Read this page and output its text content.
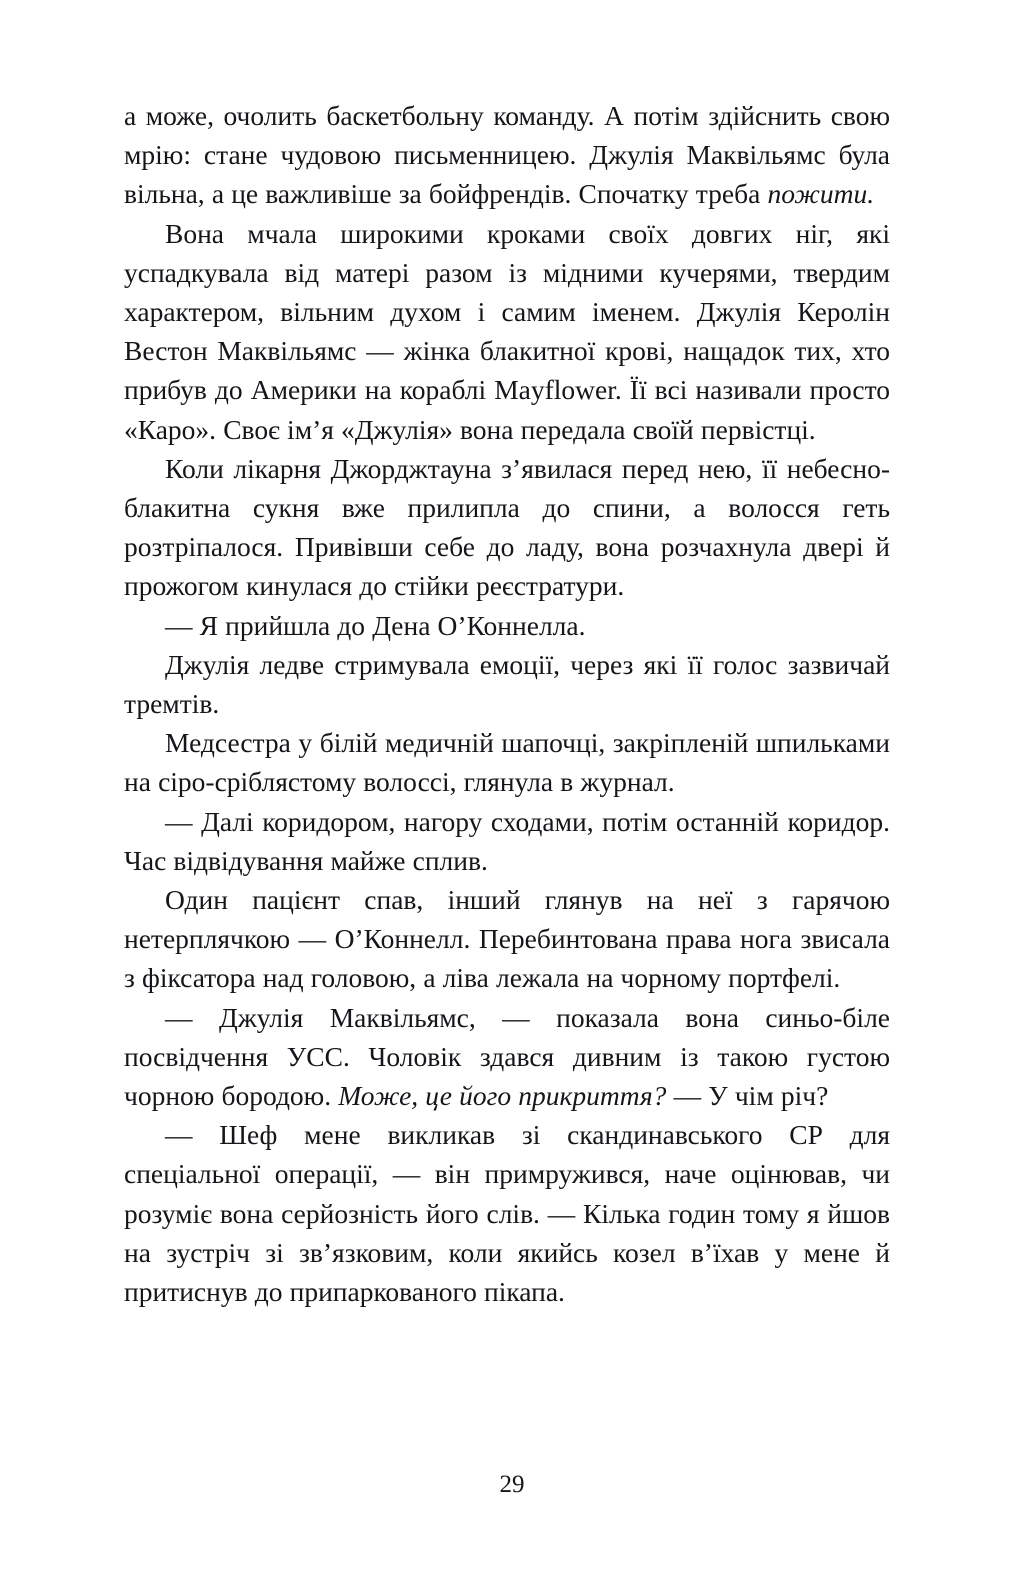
а може, очолить баскетбольну команду. А потім здійснить свою мрію: стане чудовою письменницею. Джулія Маквільямс була вільна, а це важливіше за бойфрендів. Спочатку треба пожити.

Вона мчала широкими кроками своїх довгих ніг, які успадкувала від матері разом із мідними кучерями, твердим характером, вільним духом і самим іменем. Джулія Керолін Вестон Маквільямс — жінка блакитної крові, нащадок тих, хто прибув до Америки на кораблі Mayflower. Її всі називали просто «Каро». Своє ім’я «Джулія» вона передала своїй первістці.

Коли лікарня Джорджтауна з’явилася перед нею, її небесно-блакитна сукня вже прилипла до спини, а волосся геть розтріпалося. Привівши себе до ладу, вона розчахнула двері й прожогом кинулася до стійки реєстратури.

— Я прийшла до Дена О’Коннелла.

Джулія ледве стримувала емоції, через які її голос зазвичай тремтів.

Медсестра у білій медичній шапочці, закріпленій шпильками на сіро-сріблястому волоссі, глянула в журнал.

— Далі коридором, нагору сходами, потім останній коридор. Час відвідування майже сплив.

Один пацієнт спав, інший глянув на неї з гарячою нетерплячкою — О’Коннелл. Перебинтована права нога звисала з фіксатора над головою, а ліва лежала на чорному портфелі.

— Джулія Маквільямс, — показала вона синьо-біле посвідчення УСС. Чоловік здався дивним із такою густою чорною бородою. Може, це його прикриття? — У чім річ?

— Шеф мене викликав зі скандинавського СР для спеціальної операції, — він примружився, наче оцінював, чи розуміє вона серйозність його слів. — Кілька годин тому я йшов на зустріч зі зв’язковим, коли якийсь козел в’їхав у мене й притиснув до припаркованого пікапа.

29
